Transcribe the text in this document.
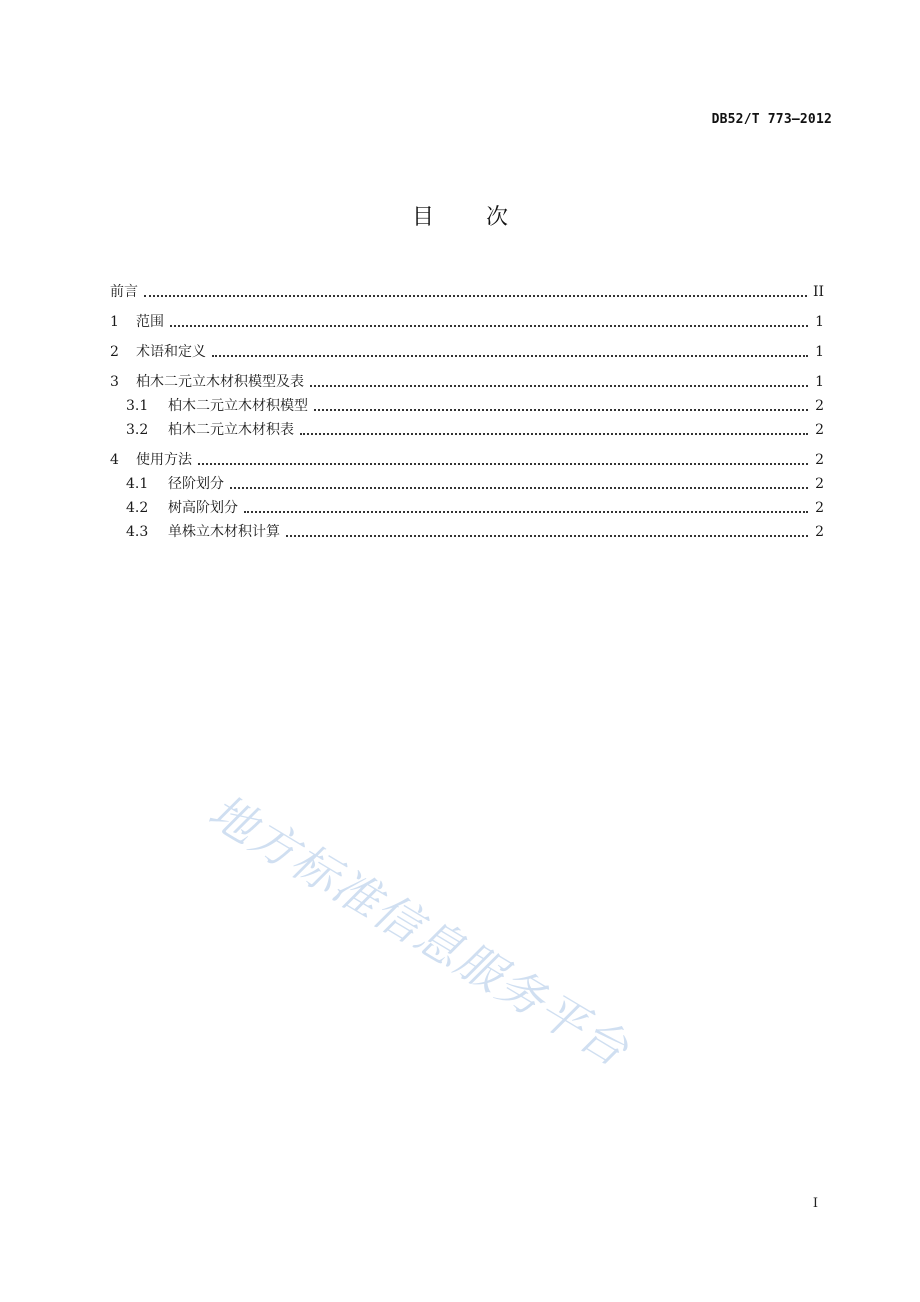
DB52/T 773—2012
目 次
前言	II
1	范围	1
2	术语和定义	1
3	柏木二元立木材积模型及表	1
3.1	柏木二元立木材积模型	2
3.2	柏木二元立木材积表	2
4	使用方法	2
4.1	径阶划分	2
4.2	树高阶划分	2
4.3	单株立木材积计算	2
地方标准信息服务平台
I
